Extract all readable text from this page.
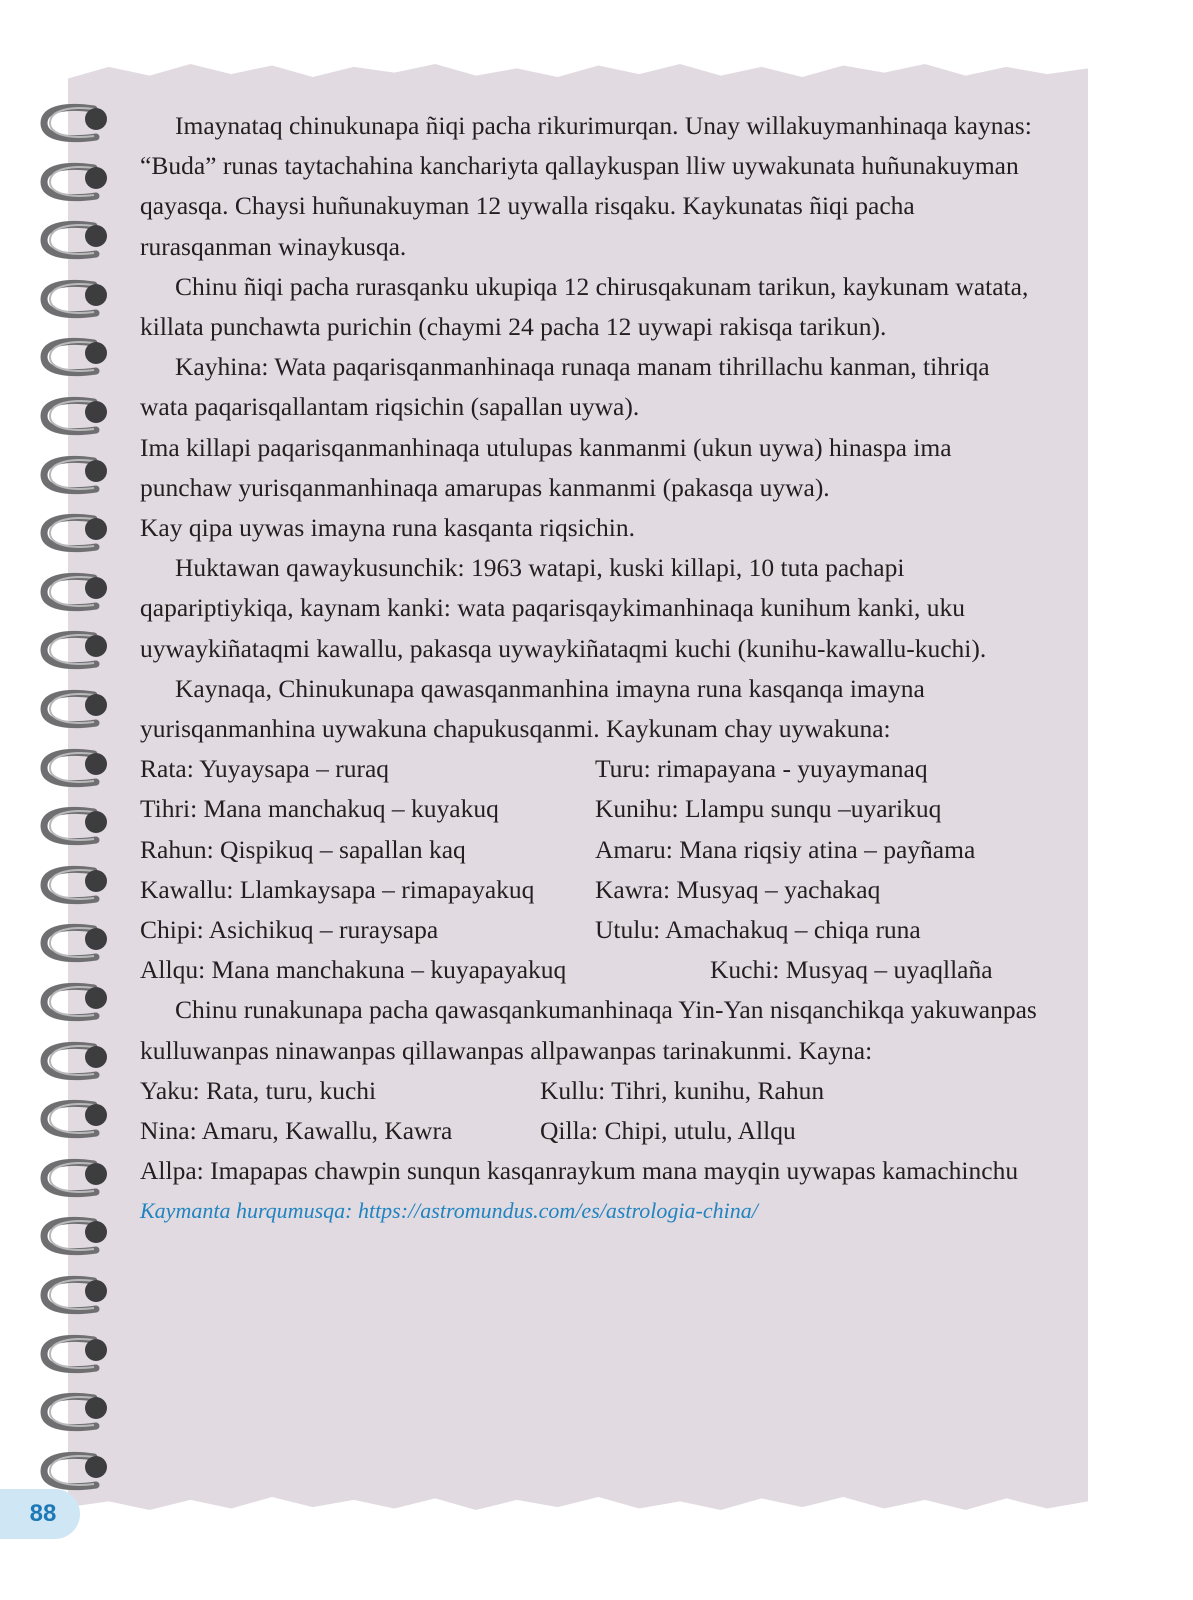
Imaynataq chinukunapa ñiqi pacha rikurimurqan. Unay willakuymanhinaqa kaynas: “Buda” runas taytachahina kanchariyta qallaykuspan lliw uywakunata huñunakuyman qayasqa. Chaysi huñunakuyman 12 uywalla risqaku. Kaykunatas ñiqi pacha rurasqanman winaykusqa.

Chinu ñiqi pacha rurasqanku ukupiqa 12 chirusqakunam tarikun, kaykunam watata, killata punchawta purichin (chaymi 24 pacha 12 uywapi rakisqa tarikun).

Kayhina: Wata paqarisqanmanhinaqa runaqa manam tihrillachu kanman, tihriqa wata paqarisqallantam riqsichin (sapallan uywa).

Ima killapi paqarisqanmanhinaqa utulupas kanmanmi (ukun uywa) hinaspa ima punchaw yurisqanmanhinaqa amarupas kanmanmi (pakasqa uywa).

Kay qipa uywas imayna runa kasqanta riqsichin.

Huktawan qawaykusunchik: 1963 watapi, kuski killapi, 10 tuta pachapi qapariptiykiqa, kaynam kanki: wata paqarisqaykimanhinaqa kunihum kanki, uku uywaykiñataqmi kawallu, pakasqa uywaykiñataqmi kuchi (kunihu-kawallu-kuchi).

Kaynaqa, Chinukunapa qawasqanmanhina imayna runa kasqanqa imayna yurisqanmanhina uywakuna chapukusqanmi. Kaykunam chay uywakuna:

Rata: Yuyaysapa – ruraq	Turu: rimapayana - yuyaymanaq
Tihri: Mana manchakuq – kuyakuq	Kunihu: Llampu sunqu –uyarikuq
Rahun: Qispikuq – sapallan kaq	Amaru: Mana riqsiy atina – payñama
Kawallu: Llamkaysapa – rimapayakuq	Kawra: Musyaq – yachakaq
Chipi: Asichikuq – ruraysapa	Utulu: Amachakuq – chiqa runa
Allqu: Mana manchakuna – kuyapayakuq	Kuchi: Musyaq – uyaqllaña

Chinu runakunapa pacha qawasqankumanhinaqa Yin-Yan nisqanchikqa yakuwanpas kulluwanpas ninawanpas qillawanpas allpawanpas tarinakunmi. Kayna:

Yaku: Rata, turu, kuchi	Kullu: Tihri, kunihu, Rahun
Nina: Amaru, Kawallu, Kawra	Qilla: Chipi, utulu, Allqu

Allpa: Imapapas chawpin sunqun kasqanraykum mana mayqin uywapas kamachinchu

Kaymanta hurqumusqa: https://astromundus.com/es/astrologia-china/

88
